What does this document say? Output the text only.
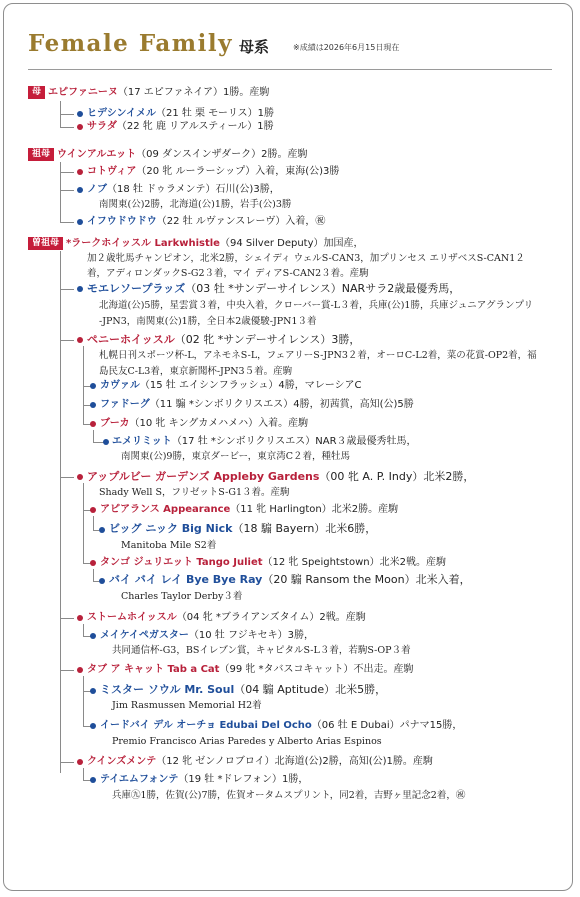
Female Family 母系	※成績は2026年6月15日現在
母 エピファニーヌ（17 エピファネイア）1勝。産駒
ヒデシンイメル（21 牡 栗 モーリス）1勝
サラダ（22 牝 鹿 リアルスティール）1勝
祖母 ウインアルエット（09 ダンスインザダーク）2勝。産駒
コトヴィア（20 牝 ルーラーシップ）入着，東海(公)3勝
ノブ（18 牡 ドゥラメンテ）石川(公)3勝，
南関東(公)2勝，北海道(公)1勝，岩手(公)3勝
イフウドウドウ（22 牡 ルヴァンスレーヴ）入着，㊗
曽祖母 *ラークホイッスル Larkwhistle（94 Silver Deputy）加国産，
加２歳牝馬チャンピオン，北米2勝，シェイディ ウェルS-CAN3，加プリンセス エリザベスS-CAN1２
着，アディロンダックS-G2３着，マイ ディアS-CAN2３着。産駒
モエレソープラッズ（03 牡 *サンデーサイレンス）NARサラ2歳最優秀馬，
北海道(公)5勝，星雲賞３着，中央入着，クローバー賞-L３着，兵庫(公)1勝，兵庫ジュニアグランプリ
-JPN3，南関東(公)1勝，全日本2歳優駿-JPN1３着
ペニーホイッスル（02 牝 *サンデーサイレンス）3勝，
札幌日刊スポーツ杯-L，アネモネS-L，フェアリーS-JPN3２着，オーロC-L2着，菜の花賞-OP2着，福
島民友C-L3着，東京新聞杯-JPN3５着。産駒
カヴァル（15 牡 エイシンフラッシュ）4勝，マレーシアC
ファドーグ（11 騸 *シンボリクリスエス）4勝，初茜賞，高知(公)5勝
ブーカ（10 牝 キングカメハメハ）入着。産駒
エメリミット（17 牡 *シンボリクリスエス）NAR３歳最優秀牡馬，
南関東(公)9勝，東京ダービー，東京湾C２着，種牡馬
アップルビー ガーデンズ Appleby Gardens（00 牝 A. P. Indy）北米2勝，
Shady Well S，フリゼットS-G1３着。産駒
アピアランス Appearance（11 牝 Harlington）北米2勝。産駒
ビッグ ニック Big Nick（18 騸 Bayern）北米6勝，
Manitoba Mile S2着
タンゴ ジュリエット Tango Juliet（12 牝 Speightstown）北米2戦。産駒
バイ バイ レイ Bye Bye Ray（20 騸 Ransom the Moon）北米入着，
Charles Taylor Derby３着
ストームホイッスル（04 牝 *ブライアンズタイム）2戦。産駒
メイケイペガスター（10 牡 フジキセキ）3勝，
共同通信杯-G3，BSイレブン賞，キャピタルS-L３着，若駒S-OP３着
タブ ア キャット Tab a Cat（99 牝 *タバスコキャット）不出走。産駒
ミスター ソウル Mr. Soul（04 騸 Aptitude）北米5勝，
Jim Rasmussen Memorial H2着
イードバイ デル オーチョ Edubai Del Ocho（06 牡 E Dubai）パナマ15勝，
Premio Francisco Arias Paredes y Alberto Arias Espinos
クインズメンテ（12 牝 ゼンノロブロイ）北海道(公)2勝，高知(公)1勝。産駒
テイエムフォンテ（19 牡 *ドレフォン）1勝，
兵庫㊈1勝，佐賀(公)7勝，佐賀オータムスプリント，同2着，吉野ヶ里記念2着，㊗
